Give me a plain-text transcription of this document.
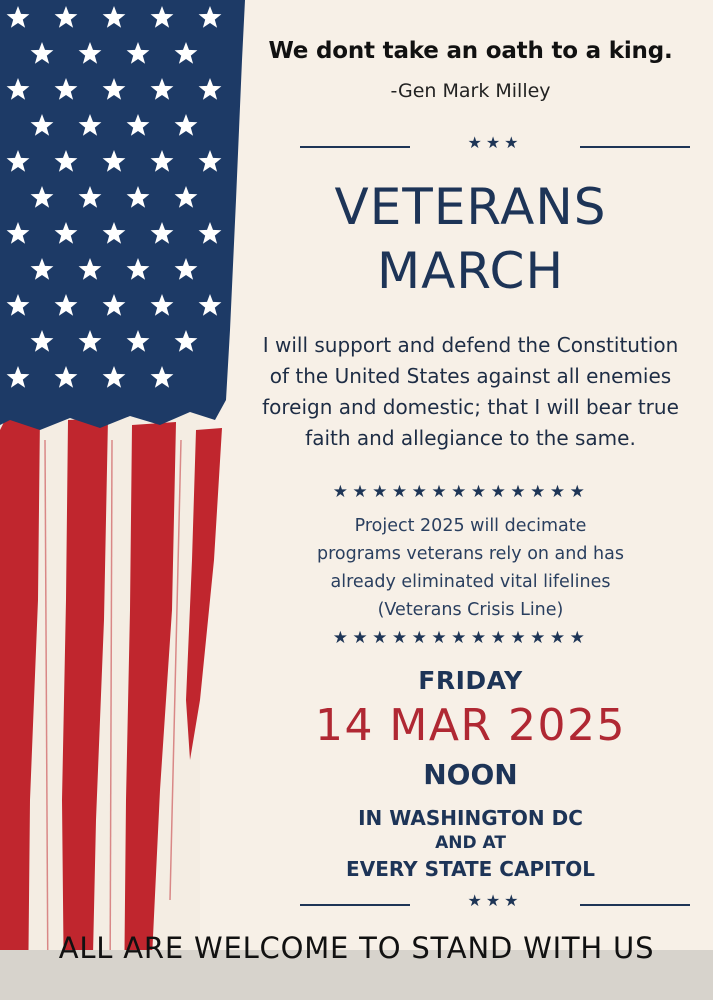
We dont take an oath to a king.
-Gen Mark Milley
★★★
VETERANS
MARCH
I will support and defend the Constitution
of the United States against all enemies
foreign and domestic; that I will bear true
faith and allegiance to the same.
★★★★★★★★★★★★★
Project 2025 will decimate
programs veterans rely on and has
already eliminated vital lifelines
(Veterans Crisis Line)
★★★★★★★★★★★★★
FRIDAY
14 MAR 2025
NOON
IN WASHINGTON DC
AND AT
EVERY STATE CAPITOL
★★★
ALL ARE WELCOME TO STAND WITH US
